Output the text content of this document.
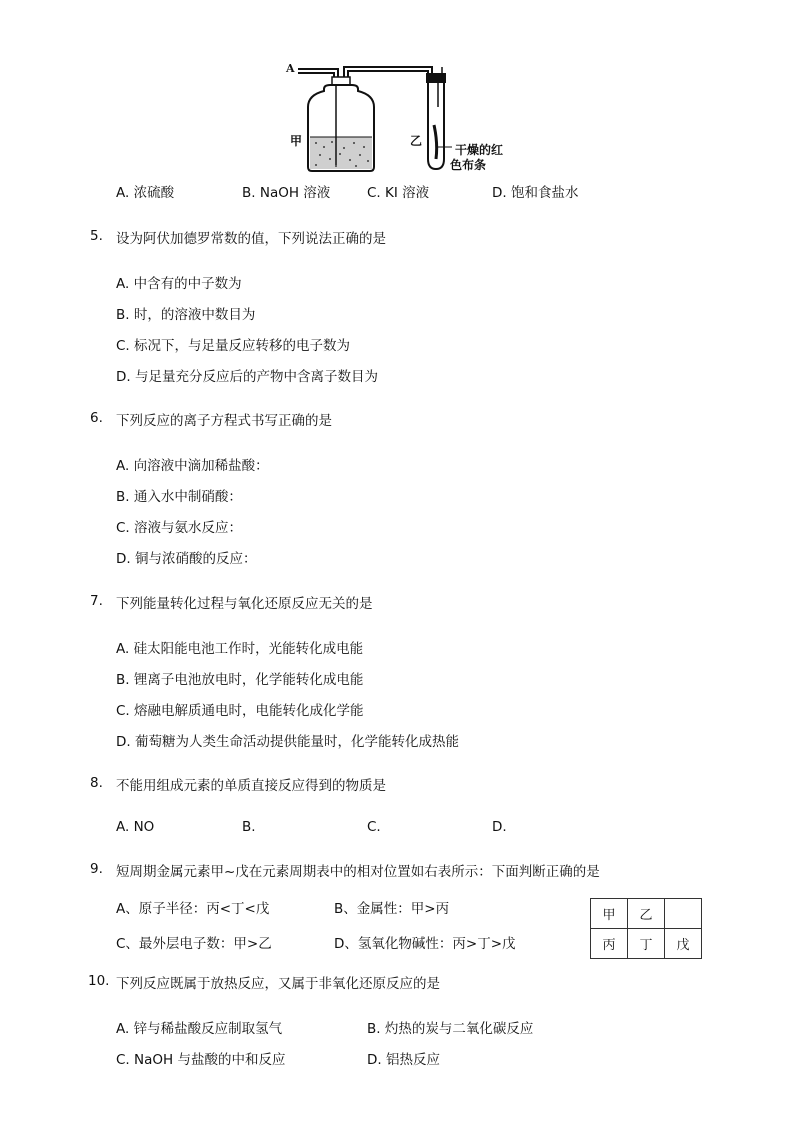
A
甲	乙
干燥的红
色布条
A. 浓硫酸	B. NaOH 溶液	C. KI 溶液	D. 饱和食盐水
5. 设为阿伏加德罗常数的值，下列说法正确的是
A. 中含有的中子数为
B. 时，的溶液中数目为
C. 标况下，与足量反应转移的电子数为
D. 与足量充分反应后的产物中含离子数目为
6. 下列反应的离子方程式书写正确的是
A. 向溶液中滴加稀盐酸：
B. 通入水中制硝酸：
C. 溶液与氨水反应：
D. 铜与浓硝酸的反应：
7. 下列能量转化过程与氧化还原反应无关的是
A. 硅太阳能电池工作时，光能转化成电能
B. 锂离子电池放电时，化学能转化成电能
C. 熔融电解质通电时，电能转化成化学能
D. 葡萄糖为人类生命活动提供能量时，化学能转化成热能
8. 不能用组成元素的单质直接反应得到的物质是
A. NO	B.	C.	D.
9. 短周期金属元素甲~戊在元素周期表中的相对位置如右表所示：下面判断正确的是
A、原子半径：丙<丁<戊	B、金属性：甲>丙
C、最外层电子数：甲>乙	D、氢氧化物碱性：丙>丁>戊
甲	乙	
丙	丁	戊
10. 下列反应既属于放热反应，又属于非氧化还原反应的是
A. 锌与稀盐酸反应制取氢气	B. 灼热的炭与二氧化碳反应
C. NaOH 与盐酸的中和反应	D. 铝热反应
